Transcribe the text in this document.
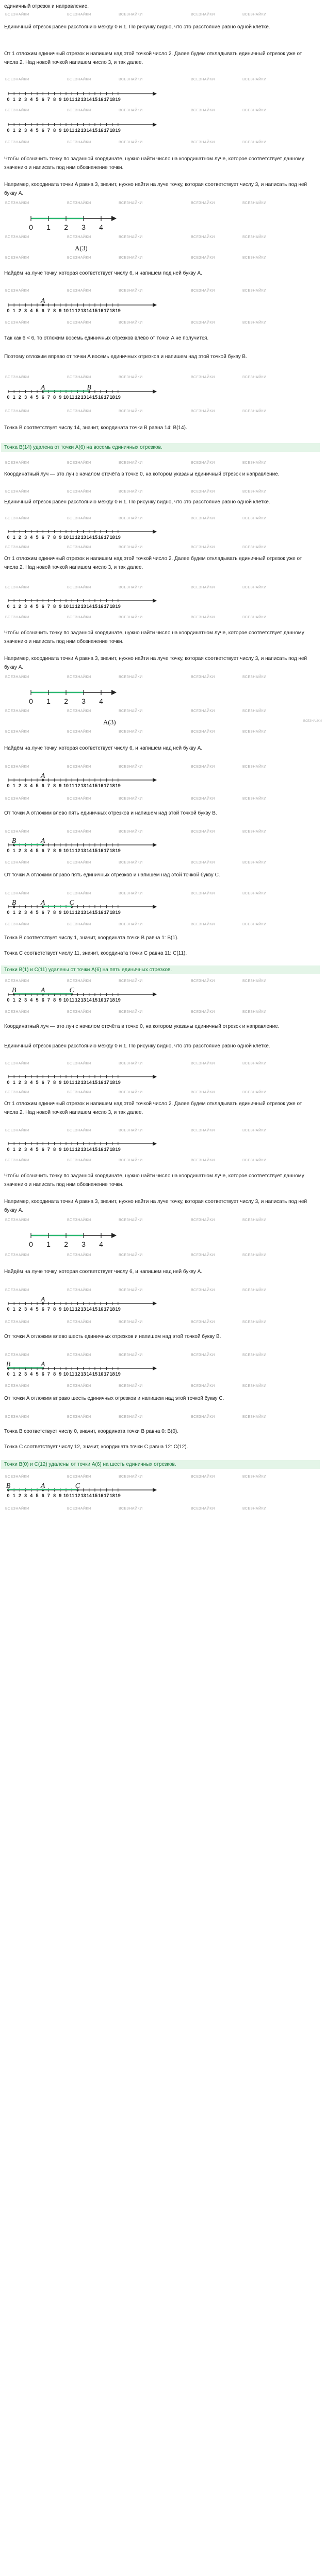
единичный отрезок и направление.

ВСЕЗНАЙКИ	ВСЕЗНАЙКИ	ВСЕЗНАЙКИ	ВСЕЗНАЙКИ	ВСЕЗНАЙКИ

Единичный отрезок равен расстоянию между 0 и 1. По рисунку видно, что это расстояние равно одной клетке.

От 1 отложим единичный отрезок и напишем над этой точкой число 2. Далее будем откладывать единичный отрезок уже от числа 2. Над новой точкой напишем число 3, и так далее.

ВСЕЗНАЙКИ	ВСЕЗНАЙКИ	ВСЕЗНАЙКИ	ВСЕЗНАЙКИ	ВСЕЗНАЙКИ
0 1 2 3 4 5 6 7 8 9 10 11 12 13 14 15 16 17 18 19
ВСЕЗНАЙКИ	ВСЕЗНАЙКИ	ВСЕЗНАЙКИ	ВСЕЗНАЙКИ	ВСЕЗНАЙКИ
0 1 2 3 4 5 6 7 8 9 10 11 12 13 14 15 16 17 18 19
ВСЕЗНАЙКИ	ВСЕЗНАЙКИ	ВСЕЗНАЙКИ	ВСЕЗНАЙКИ	ВСЕЗНАЙКИ

Чтобы обозначить точку по заданной координате, нужно найти число на координатном луче, которое соответствует данному значению и написать под ним обозначение точки.

Например, координата точки A равна 3, значит, нужно найти на луче точку, которая соответствует числу 3, и написать под ней букву A.

ВСЕЗНАЙКИ	ВСЕЗНАЙКИ	ВСЕЗНАЙКИ	ВСЕЗНАЙКИ	ВСЕЗНАЙКИ
0 1 2 3 4
ВСЕЗНАЙКИ	ВСЕЗНАЙКИ	ВСЕЗНАЙКИ	ВСЕЗНАЙКИ	ВСЕЗНАЙКИ
A(3)
ВСЕЗНАЙКИ	ВСЕЗНАЙКИ	ВСЕЗНАЙКИ	ВСЕЗНАЙКИ	ВСЕЗНАЙКИ

Найдём на луче точку, которая соответствует числу 6, и напишем под ней букву A.

ВСЕЗНАЙКИ	ВСЕЗНАЙКИ	ВСЕЗНАЙКИ	ВСЕЗНАЙКИ	ВСЕЗНАЙКИ
0 1 2 3 4 5 6 7 8 9 10 11 12 13 14 15 16 17 18 19
A
ВСЕЗНАЙКИ	ВСЕЗНАЙКИ	ВСЕЗНАЙКИ	ВСЕЗНАЙКИ	ВСЕЗНАЙКИ

Так как 6 < 6, то отложим восемь единичных отрезков влево от точки A не получится.

Поэтому отложим вправо от точки A восемь единичных отрезков и напишем над этой точкой букву B.

ВСЕЗНАЙКИ	ВСЕЗНАЙКИ	ВСЕЗНАЙКИ	ВСЕЗНАЙКИ	ВСЕЗНАЙКИ
0 1 2 3 4 5 6 7 8 9 10 11 12 13 14 15 16 17 18 19
A	B
ВСЕЗНАЙКИ	ВСЕЗНАЙКИ	ВСЕЗНАЙКИ	ВСЕЗНАЙКИ	ВСЕЗНАЙКИ

Точка B соответствует числу 14, значит, координата точки B равна 14: B(14).

Точка B(14) удалена от точки A(6) на восемь единичных отрезков.

ВСЕЗНАЙКИ	ВСЕЗНАЙКИ	ВСЕЗНАЙКИ	ВСЕЗНАЙКИ	ВСЕЗНАЙКИ

Координатный луч — это луч с началом отсчёта в точке 0, на котором указаны единичный отрезок и направление.

ВСЕЗНАЙКИ	ВСЕЗНАЙКИ	ВСЕЗНАЙКИ	ВСЕЗНАЙКИ	ВСЕЗНАЙКИ

Единичный отрезок равен расстоянию между 0 и 1. По рисунку видно, что это расстояние равно одной клетке.

ВСЕЗНАЙКИ	ВСЕЗНАЙКИ	ВСЕЗНАЙКИ	ВСЕЗНАЙКИ	ВСЕЗНАЙКИ
0 1 2 3 4 5 6 7 8 9 10 11 12 13 14 15 16 17 18 19
ВСЕЗНАЙКИ	ВСЕЗНАЙКИ	ВСЕЗНАЙКИ	ВСЕЗНАЙКИ	ВСЕЗНАЙКИ

От 1 отложим единичный отрезок и напишем над этой точкой число 2. Далее будем откладывать единичный отрезок уже от числа 2. Над новой точкой напишем число 3, и так далее.

ВСЕЗНАЙКИ	ВСЕЗНАЙКИ	ВСЕЗНАЙКИ	ВСЕЗНАЙКИ	ВСЕЗНАЙКИ
0 1 2 3 4 5 6 7 8 9 10 11 12 13 14 15 16 17 18 19
ВСЕЗНАЙКИ	ВСЕЗНАЙКИ	ВСЕЗНАЙКИ	ВСЕЗНАЙКИ	ВСЕЗНАЙКИ

Чтобы обозначить точку по заданной координате, нужно найти число на координатном луче, которое соответствует данному значению и написать под ним обозначение точки.

Например, координата точки A равна 3, значит, нужно найти на луче точку, которая соответствует числу 3, и написать под ней букву A.

ВСЕЗНАЙКИ	ВСЕЗНАЙКИ	ВСЕЗНАЙКИ	ВСЕЗНАЙКИ	ВСЕЗНАЙКИ
0 1 2 3 4
ВСЕЗНАЙКИ	ВСЕЗНАЙКИ	ВСЕЗНАЙКИ	ВСЕЗНАЙКИ	ВСЕЗНАЙКИ
A(3)	ВСЕЗНАЙКИ
ВСЕЗНАЙКИ	ВСЕЗНАЙКИ	ВСЕЗНАЙКИ	ВСЕЗНАЙКИ	ВСЕЗНАЙКИ

Найдём на луче точку, которая соответствует числу 6, и напишем над ней букву A.

ВСЕЗНАЙКИ	ВСЕЗНАЙКИ	ВСЕЗНАЙКИ	ВСЕЗНАЙКИ	ВСЕЗНАЙКИ
0 1 2 3 4 5 6 7 8 9 10 11 12 13 14 15 16 17 18 19
A
ВСЕЗНАЙКИ	ВСЕЗНАЙКИ	ВСЕЗНАЙКИ	ВСЕЗНАЙКИ	ВСЕЗНАЙКИ

От точки A отложим влево пять единичных отрезков и напишем над этой точкой букву B.

ВСЕЗНАЙКИ	ВСЕЗНАЙКИ	ВСЕЗНАЙКИ	ВСЕЗНАЙКИ	ВСЕЗНАЙКИ
0 1 2 3 4 5 6 7 8 9 10 11 12 13 14 15 16 17 18 19
B	A
ВСЕЗНАЙКИ	ВСЕЗНАЙКИ	ВСЕЗНАЙКИ	ВСЕЗНАЙКИ	ВСЕЗНАЙКИ

От точки A отложим вправо пять единичных отрезков и напишем над этой точкой букву C.

ВСЕЗНАЙКИ	ВСЕЗНАЙКИ	ВСЕЗНАЙКИ	ВСЕЗНАЙКИ	ВСЕЗНАЙКИ
0 1 2 3 4 5 6 7 8 9 10 11 12 13 14 15 16 17 18 19
B	A	C
ВСЕЗНАЙКИ	ВСЕЗНАЙКИ	ВСЕЗНАЙКИ	ВСЕЗНАЙКИ	ВСЕЗНАЙКИ

Точка B соответствует числу 1, значит, координата точки B равна 1: B(1).

Точка C соответствует числу 11, значит, координата точки C равна 11: C(11).

Точки B(1) и C(11) удалены от точки A(6) на пять единичных отрезков.

ВСЕЗНАЙКИ	ВСЕЗНАЙКИ	ВСЕЗНАЙКИ	ВСЕЗНАЙКИ	ВСЕЗНАЙКИ
0 1 2 3 4 5 6 7 8 9 10 11 12 13 14 15 16 17 18 19
B	A	C
ВСЕЗНАЙКИ	ВСЕЗНАЙКИ	ВСЕЗНАЙКИ	ВСЕЗНАЙКИ	ВСЕЗНАЙКИ

Координатный луч — это луч с началом отсчёта в точке 0, на котором указаны единичный отрезок и направление.

Единичный отрезок равен расстоянию между 0 и 1. По рисунку видно, что это расстояние равно одной клетке.

ВСЕЗНАЙКИ	ВСЕЗНАЙКИ	ВСЕЗНАЙКИ	ВСЕЗНАЙКИ	ВСЕЗНАЙКИ
0 1 2 3 4 5 6 7 8 9 10 11 12 13 14 15 16 17 18 19
ВСЕЗНАЙКИ	ВСЕЗНАЙКИ	ВСЕЗНАЙКИ	ВСЕЗНАЙКИ	ВСЕЗНАЙКИ

От 1 отложим единичный отрезок и напишем над этой точкой число 2. Далее будем откладывать единичный отрезок уже от числа 2. Над новой точкой напишем число 3, и так далее.

ВСЕЗНАЙКИ	ВСЕЗНАЙКИ	ВСЕЗНАЙКИ	ВСЕЗНАЙКИ	ВСЕЗНАЙКИ
0 1 2 3 4 5 6 7 8 9 10 11 12 13 14 15 16 17 18 19
ВСЕЗНАЙКИ	ВСЕЗНАЙКИ	ВСЕЗНАЙКИ	ВСЕЗНАЙКИ	ВСЕЗНАЙКИ

Чтобы обозначить точку по заданной координате, нужно найти число на координатном луче, которое соответствует данному значению и написать под ним обозначение точки.

Например, координата точки A равна 3, значит, нужно найти на луче точку, которая соответствует числу 3, и написать под ней букву A.

ВСЕЗНАЙКИ	ВСЕЗНАЙКИ	ВСЕЗНАЙКИ	ВСЕЗНАЙКИ	ВСЕЗНАЙКИ
0 1 2 3 4
ВСЕЗНАЙКИ	ВСЕЗНАЙКИ	ВСЕЗНАЙКИ	ВСЕЗНАЙКИ	ВСЕЗНАЙКИ

Найдём на луче точку, которая соответствует числу 6, и напишем над ней букву A.

ВСЕЗНАЙКИ	ВСЕЗНАЙКИ	ВСЕЗНАЙКИ	ВСЕЗНАЙКИ	ВСЕЗНАЙКИ
0 1 2 3 4 5 6 7 8 9 10 11 12 13 14 15 16 17 18 19
A
ВСЕЗНАЙКИ	ВСЕЗНАЙКИ	ВСЕЗНАЙКИ	ВСЕЗНАЙКИ	ВСЕЗНАЙКИ

От точки A отложим влево шесть единичных отрезков и напишем над этой точкой букву B.

ВСЕЗНАЙКИ	ВСЕЗНАЙКИ	ВСЕЗНАЙКИ	ВСЕЗНАЙКИ	ВСЕЗНАЙКИ
0 1 2 3 4 5 6 7 8 9 10 11 12 13 14 15 16 17 18 19
B	A
ВСЕЗНАЙКИ	ВСЕЗНАЙКИ	ВСЕЗНАЙКИ	ВСЕЗНАЙКИ	ВСЕЗНАЙКИ

От точки A отложим вправо шесть единичных отрезков и напишем над этой точкой букву C.

ВСЕЗНАЙКИ	ВСЕЗНАЙКИ	ВСЕЗНАЙКИ	ВСЕЗНАЙКИ	ВСЕЗНАЙКИ

Точка B соответствует числу 0, значит, координата точки B равна 0: B(0).

Точка C соответствует числу 12, значит, координата точки C равна 12: C(12).

Точки B(0) и C(12) удалены от точки A(6) на шесть единичных отрезков.

ВСЕЗНАЙКИ	ВСЕЗНАЙКИ	ВСЕЗНАЙКИ	ВСЕЗНАЙКИ	ВСЕЗНАЙКИ
0 1 2 3 4 5 6 7 8 9 10 11 12 13 14 15 16 17 18 19
B	A	C
ВСЕЗНАЙКИ	ВСЕЗНАЙКИ	ВСЕЗНАЙКИ	ВСЕЗНАЙКИ	ВСЕЗНАЙКИ
